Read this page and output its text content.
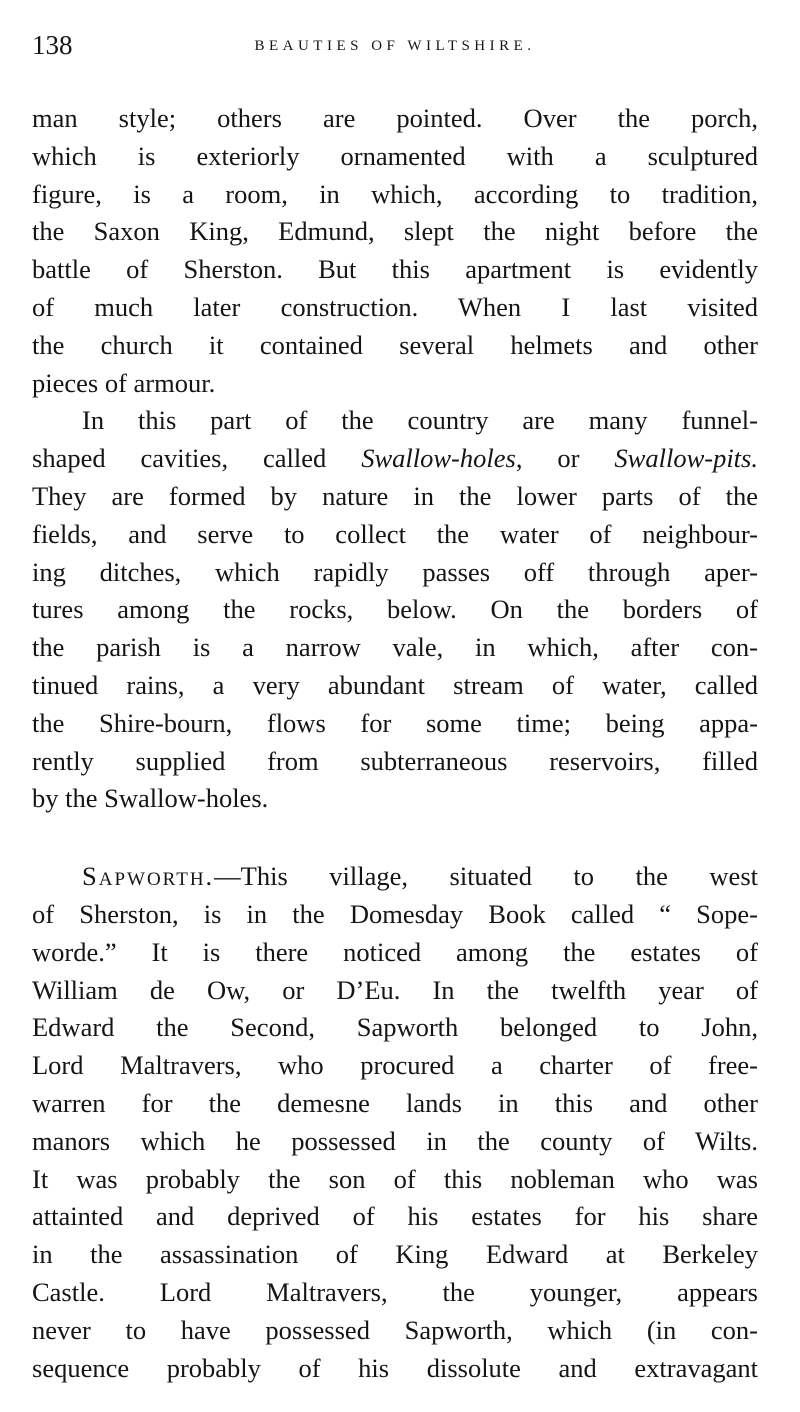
138	BEAUTIES OF WILTSHIRE.
man style; others are pointed. Over the porch,
which is exteriorly ornamented with a sculptured
figure, is a room, in which, according to tradition,
the Saxon King, Edmund, slept the night before the
battle of Sherston. But this apartment is evidently
of much later construction. When I last visited
the church it contained several helmets and other
pieces of armour.
In this part of the country are many funnel-
shaped cavities, called Swallow-holes, or Swallow-pits.
They are formed by nature in the lower parts of the
fields, and serve to collect the water of neighbour-
ing ditches, which rapidly passes off through aper-
tures among the rocks, below. On the borders of
the parish is a narrow vale, in which, after con-
tinued rains, a very abundant stream of water, called
the Shire-bourn, flows for some time; being appa-
rently supplied from subterraneous reservoirs, filled
by the Swallow-holes.
Sapworth.—This village, situated to the west
of Sherston, is in the Domesday Book called “ Sope-
worde.” It is there noticed among the estates of
William de Ow, or D’Eu. In the twelfth year of
Edward the Second, Sapworth belonged to John,
Lord Maltravers, who procured a charter of free-
warren for the demesne lands in this and other
manors which he possessed in the county of Wilts.
It was probably the son of this nobleman who was
attainted and deprived of his estates for his share
in the assassination of King Edward at Berkeley
Castle. Lord Maltravers, the younger, appears
never to have possessed Sapworth, which (in con-
sequence probably of his dissolute and extravagant
